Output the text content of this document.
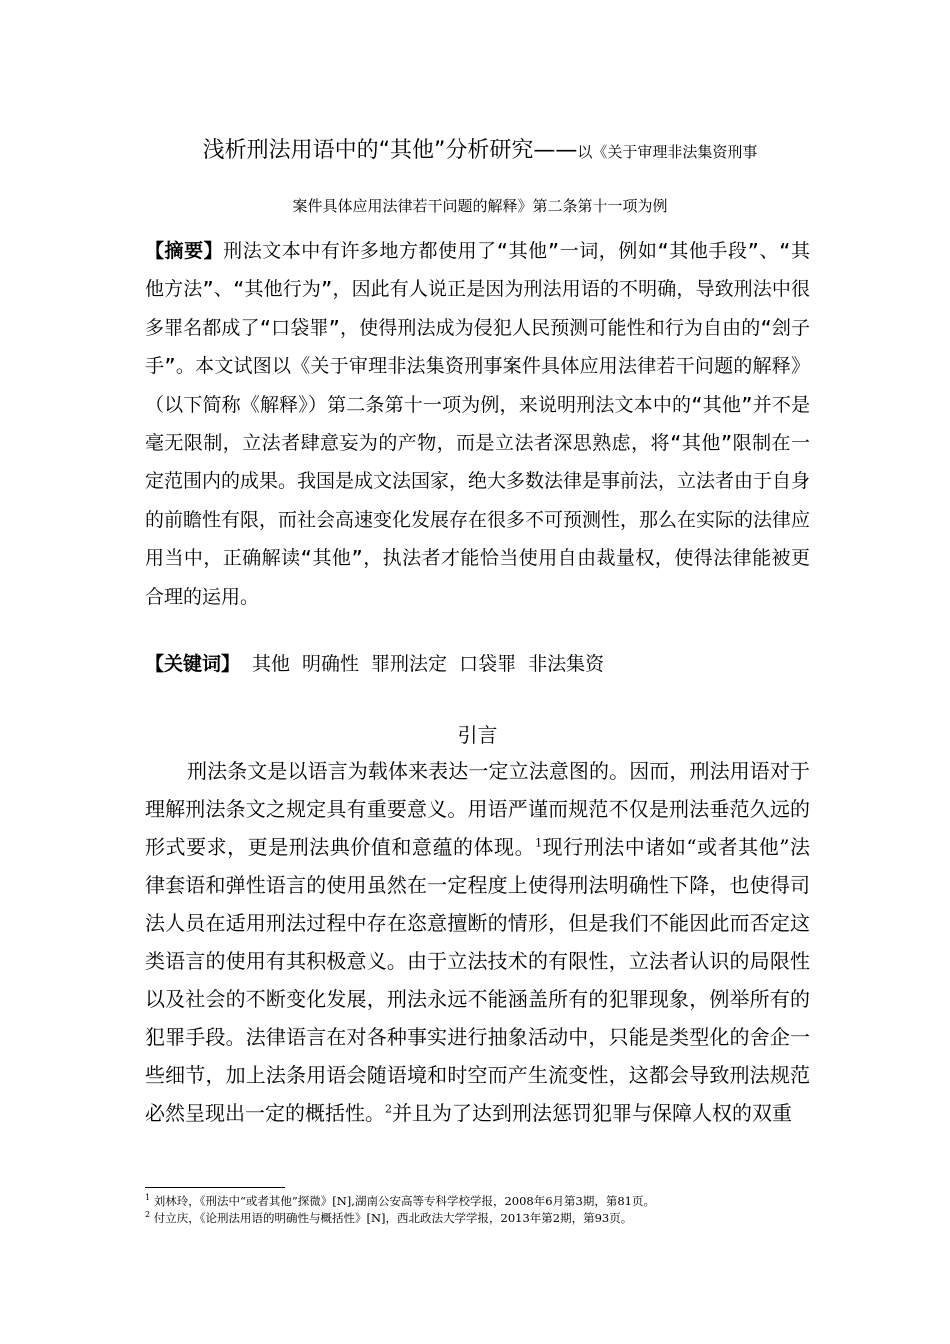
浅析刑法用语中的“其他”分析研究——以《关于审理非法集资刑事
案件具体应用法律若干问题的解释》第二条第十一项为例

【摘要】刑法文本中有许多地方都使用了“其他”一词，例如“其他手段”、“其他方法”、“其他行为”，因此有人说正是因为刑法用语的不明确，导致刑法中很多罪名都成了“口袋罪”，使得刑法成为侵犯人民预测可能性和行为自由的“刽子手”。本文试图以《关于审理非法集资刑事案件具体应用法律若干问题的解释》（以下简称《解释》）第二条第十一项为例，来说明刑法文本中的“其他”并不是毫无限制，立法者肆意妄为的产物，而是立法者深思熟虑，将“其他”限制在一定范围内的成果。我国是成文法国家，绝大多数法律是事前法，立法者由于自身的前瞻性有限，而社会高速变化发展存在很多不可预测性，那么在实际的法律应用当中，正确解读“其他”，执法者才能恰当使用自由裁量权，使得法律能被更合理的运用。

【关键词】 其他 明确性 罪刑法定 口袋罪 非法集资

引言

刑法条文是以语言为载体来表达一定立法意图的。因而，刑法用语对于理解刑法条文之规定具有重要意义。用语严谨而规范不仅是刑法垂范久远的形式要求，更是刑法典价值和意蕴的体现。$^1$现行刑法中诸如“或者其他”法律套语和弹性语言的使用虽然在一定程度上使得刑法明确性下降，也使得司法人员在适用刑法过程中存在恣意擅断的情形，但是我们不能因此而否定这类语言的使用有其积极意义。由于立法技术的有限性，立法者认识的局限性以及社会的不断变化发展，刑法永远不能涵盖所有的犯罪现象，例举所有的犯罪手段。法律语言在对各种事实进行抽象活动中，只能是类型化的舍企一些细节，加上法条用语会随语境和时空而产生流变性，这都会导致刑法规范必然呈现出一定的概括性。$^2$并且为了达到刑法惩罚犯罪与保障人权的双重

$^1$ 刘林玲，《刑法中“或者其他”探微》[N],湖南公安高等专科学校学报，2008年6月第3期，第81页。
$^2$ 付立庆，《论刑法用语的明确性与概括性》[N]，西北政法大学学报，2013年第2期，第93页。
